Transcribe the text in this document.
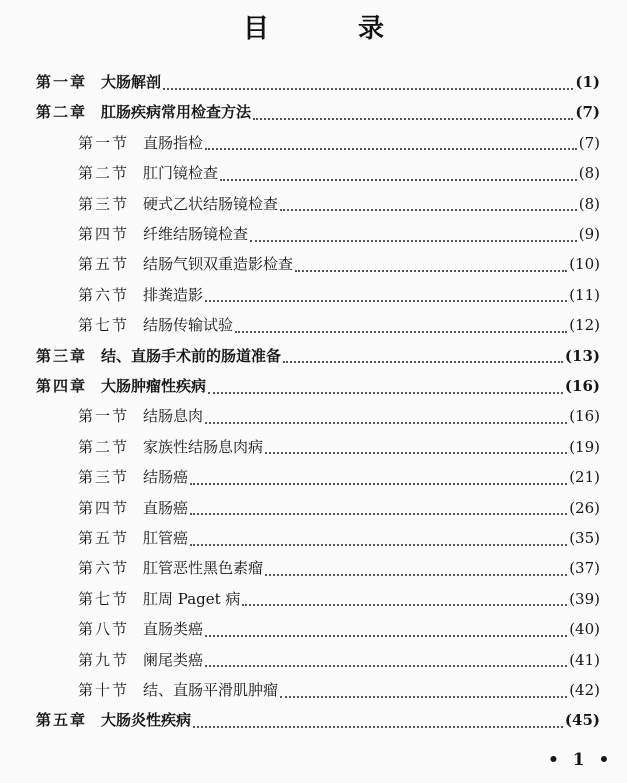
目 录
第一章 大肠解剖	(1)
第二章 肛肠疾病常用检查方法	(7)
第一节 直肠指检	(7)
第二节 肛门镜检查	(8)
第三节 硬式乙状结肠镜检查	(8)
第四节 纤维结肠镜检查	(9)
第五节 结肠气钡双重造影检查	(10)
第六节 排粪造影	(11)
第七节 结肠传输试验	(12)
第三章 结、直肠手术前的肠道准备	(13)
第四章 大肠肿瘤性疾病	(16)
第一节 结肠息肉	(16)
第二节 家族性结肠息肉病	(19)
第三节 结肠癌	(21)
第四节 直肠癌	(26)
第五节 肛管癌	(35)
第六节 肛管恶性黑色素瘤	(37)
第七节 肛周 Paget 病	(39)
第八节 直肠类癌	(40)
第九节 阑尾类癌	(41)
第十节 结、直肠平滑肌肿瘤	(42)
第五章 大肠炎性疾病	(45)
• 1 •
